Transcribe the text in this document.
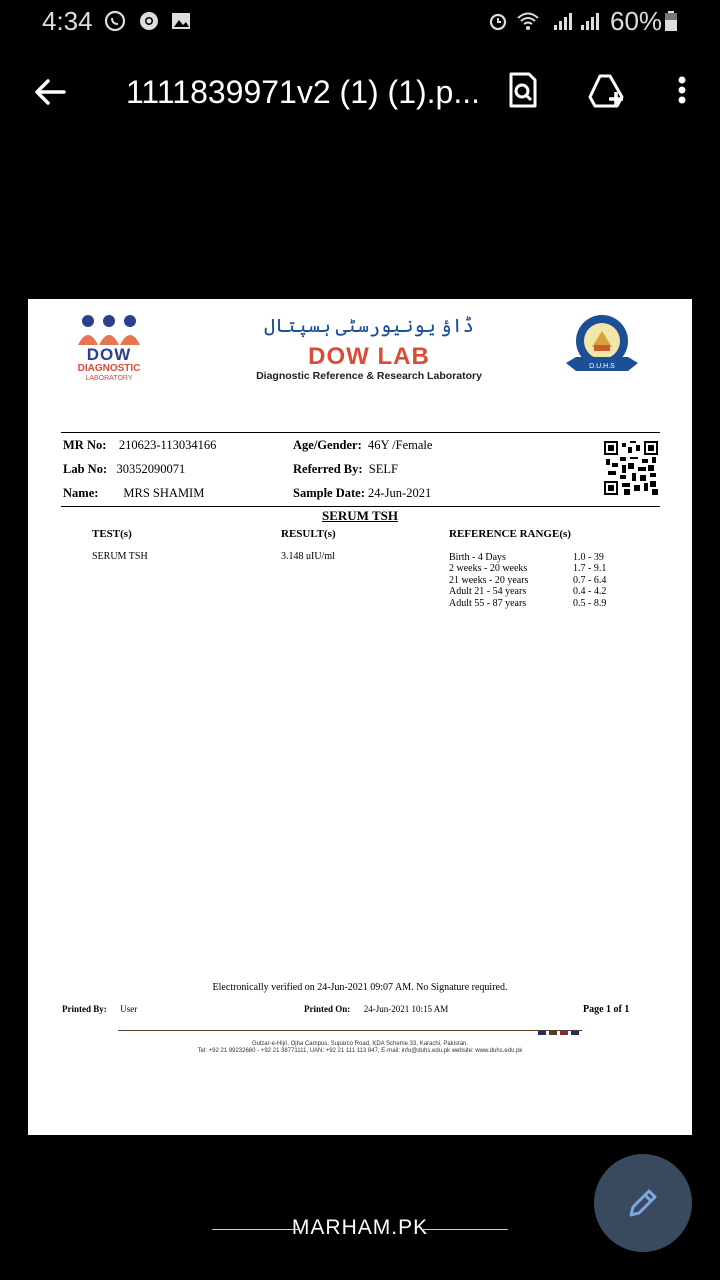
4:34	60%
1111839971v2 (1) (1).p...
DOW
DIAGNOSTIC
LABORATORY
ڈاؤ یونیورسٹی ہسپتال
DOW LAB
Diagnostic Reference & Research Laboratory
D.U.H.S
MR No: 210623-113034166
Lab No: 30352090071
Name: MRS SHAMIM
Age/Gender: 46Y /Female
Referred By: SELF
Sample Date: 24-Jun-2021
SERUM TSH
TEST(s)	RESULT(s)	REFERENCE RANGE(s)
SERUM TSH	3.148 uIU/ml	Birth - 4 Days	1.0 - 39
2 weeks - 20 weeks	1.7 - 9.1
21 weeks - 20 years	0.7 - 6.4
Adult 21 - 54 years	0.4 - 4.2
Adult 55 - 87 years	0.5 - 8.9
Electronically verified on 24-Jun-2021 09:07 AM. No Signature required.
Printed By: User	Printed On: 24-Jun-2021 10:15 AM	Page 1 of 1
Gulzar-e-Hijri, Ojha Campus, Suparco Road, KDA Scheme 33, Karachi, Pakistan.
Tel: +92 21 99232660 - +92 21 38771111, UAN: +92 21 111 113 847, E-mail: info@duhs.edu.pk website: www.duhs.edu.pk
MARHAM.PK
